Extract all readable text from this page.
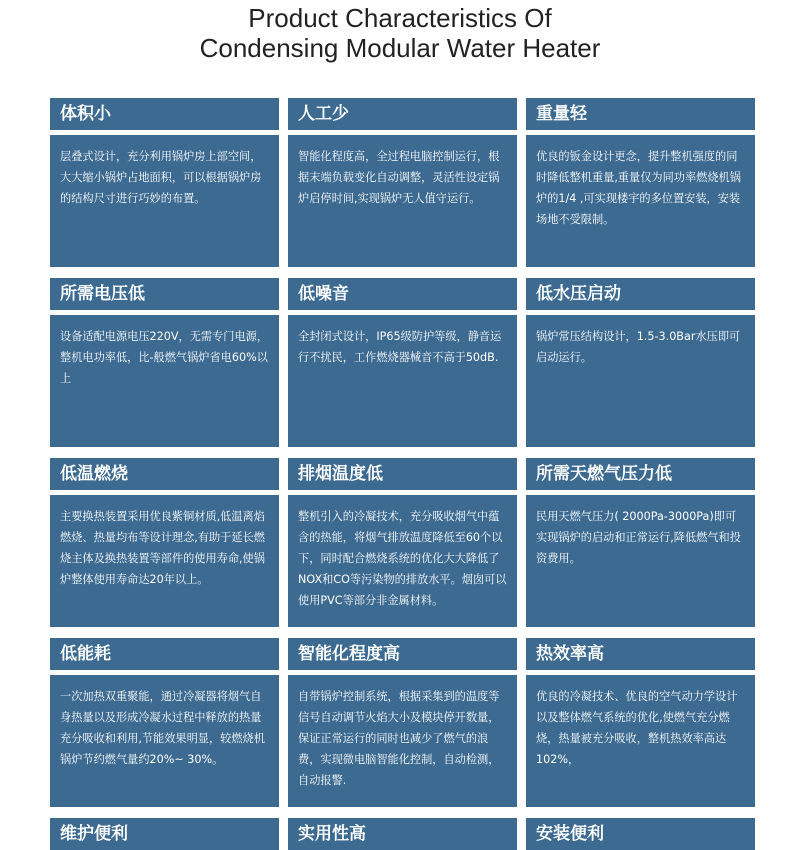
Product Characteristics Of
Condensing Modular Water Heater
体积小
层叠式设计，充分利用锅炉房上部空间，大大缩小锅炉占地面积，可以根据锅炉房的结构尺寸进行巧妙的布置。
人工少
智能化程度高，全过程电脑控制运行，根据末端负载变化自动调整，灵活性设定锅炉启停时间,实现锅炉无人值守运行。
重量轻
优良的钣金设计更念，提升整机强度的同时降低整机重量,重量仅为同功率燃烧机锅炉的1/4 ,可实现楼宇的多位置安装，安装场地不受限制。
所需电压低
设备适配电源电压220V，无需专门电源，整机电功率低，比-般燃气锅炉省电60%以上
低噪音
全封闭式设计，IP65级防护等级，静音运行不扰民，工作燃烧器械音不高于50dB.
低水压启动
锅炉常压结构设计，1.5-3.0Bar水压即可启动运行。
低温燃烧
主要换热装置采用优良紫铜材质,低温离焰燃烧、热量均布等设计理念,有助于延长燃烧主体及换热装置等部件的使用寿命,使锅炉整体使用寿命达20年以上。
排烟温度低
整机引入的冷凝技术，充分吸收烟气中蕴含的热能，将烟气排放温度降低至60个以下，同时配合燃烧系统的优化大大降低了NOX和CO等污染物的排放水平。烟囱可以使用PVC等部分非金属材料。
所需天燃气压力低
民用天燃气压力( 2000Pa-3000Pa)即可实现锅炉的启动和正常运行,降低燃气和投资费用。
低能耗
一次加热双重聚能，通过冷凝器将烟气自身热量以及形成冷凝水过程中释放的热量充分吸收和利用,节能效果明显，较燃烧机锅炉节约燃气量约20%~ 30%。
智能化程度高
自带锅炉控制系统，根据采集到的温度等信号自动调节火焰大小及模块停开数量，保证正常运行的同时也减少了燃气的浪费，实现微电脑智能化控制，自动检测，自动报警.
热效率高
优良的冷凝技术、优良的空气动力学设计以及整体燃气系统的优化,使燃气充分燃烧，热量被充分吸收，整机热效率高达102%，
维护便利	实用性高	安装便利
